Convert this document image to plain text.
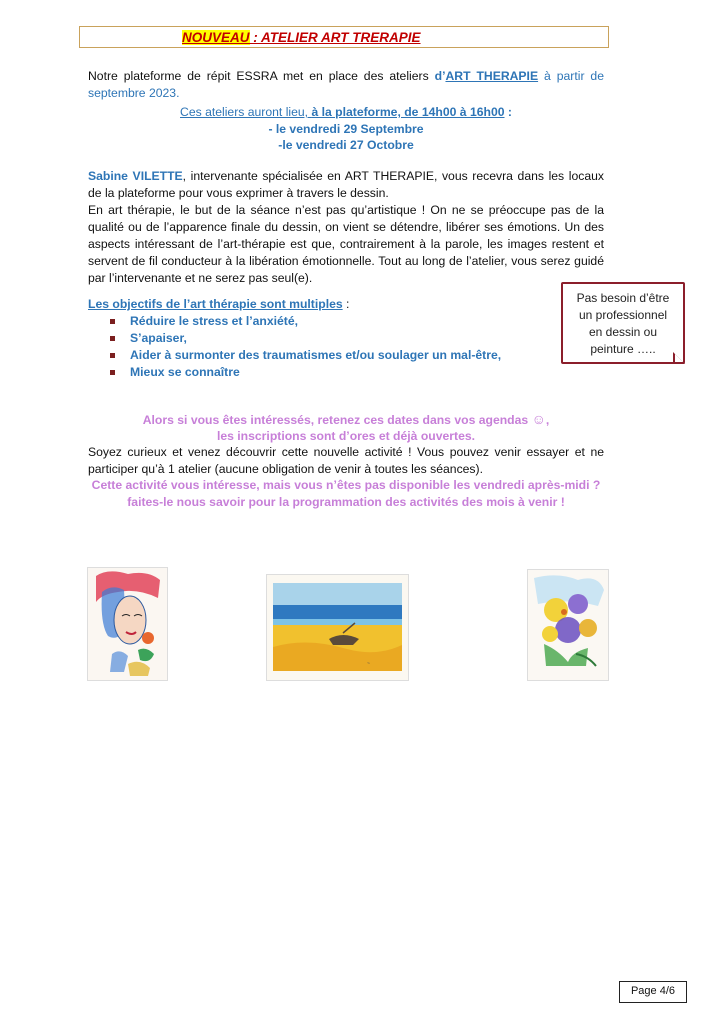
NOUVEAU : ATELIER ART TRERAPIE
Notre plateforme de répit ESSRA met en place des ateliers d’ART THERAPIE à partir de septembre 2023.
Ces ateliers auront lieu, à la plateforme, de 14h00 à 16h00 :
- le vendredi 29 Septembre
-le vendredi 27 Octobre
Sabine VILETTE, intervenante spécialisée en ART THERAPIE, vous recevra dans les locaux de la plateforme pour vous exprimer à travers le dessin.
En art thérapie, le but de la séance n’est pas qu’artistique ! On ne se préoccupe pas de la qualité ou de l’apparence finale du dessin, on vient se détendre, libérer ses émotions. Un des aspects intéressant de l’art-thérapie est que, contrairement à la parole, les images restent et servent de fil conducteur à la libération émotionnelle. Tout au long de l’atelier, vous serez guidé par l’intervenante et ne serez pas seul(e).
Les objectifs de l’art thérapie sont multiples :
Réduire le stress et l’anxiété,
S’apaiser,
Aider à surmonter des traumatismes et/ou soulager un mal-être,
Mieux se connaître
Pas besoin d’être
un professionnel
en dessin ou
peinture …..
Alors si vous êtes intéressés, retenez ces dates dans vos agendas ☺,
les inscriptions sont d’ores et déjà ouvertes.
Soyez curieux et venez découvrir cette nouvelle activité ! Vous pouvez venir essayer et ne participer qu’à 1 atelier (aucune obligation de venir à toutes les séances).
Cette activité vous intéresse, mais vous n’êtes pas disponible les vendredi après-midi ?
faites-le nous savoir pour la programmation des activités des mois à venir !
~
Page 4/6
